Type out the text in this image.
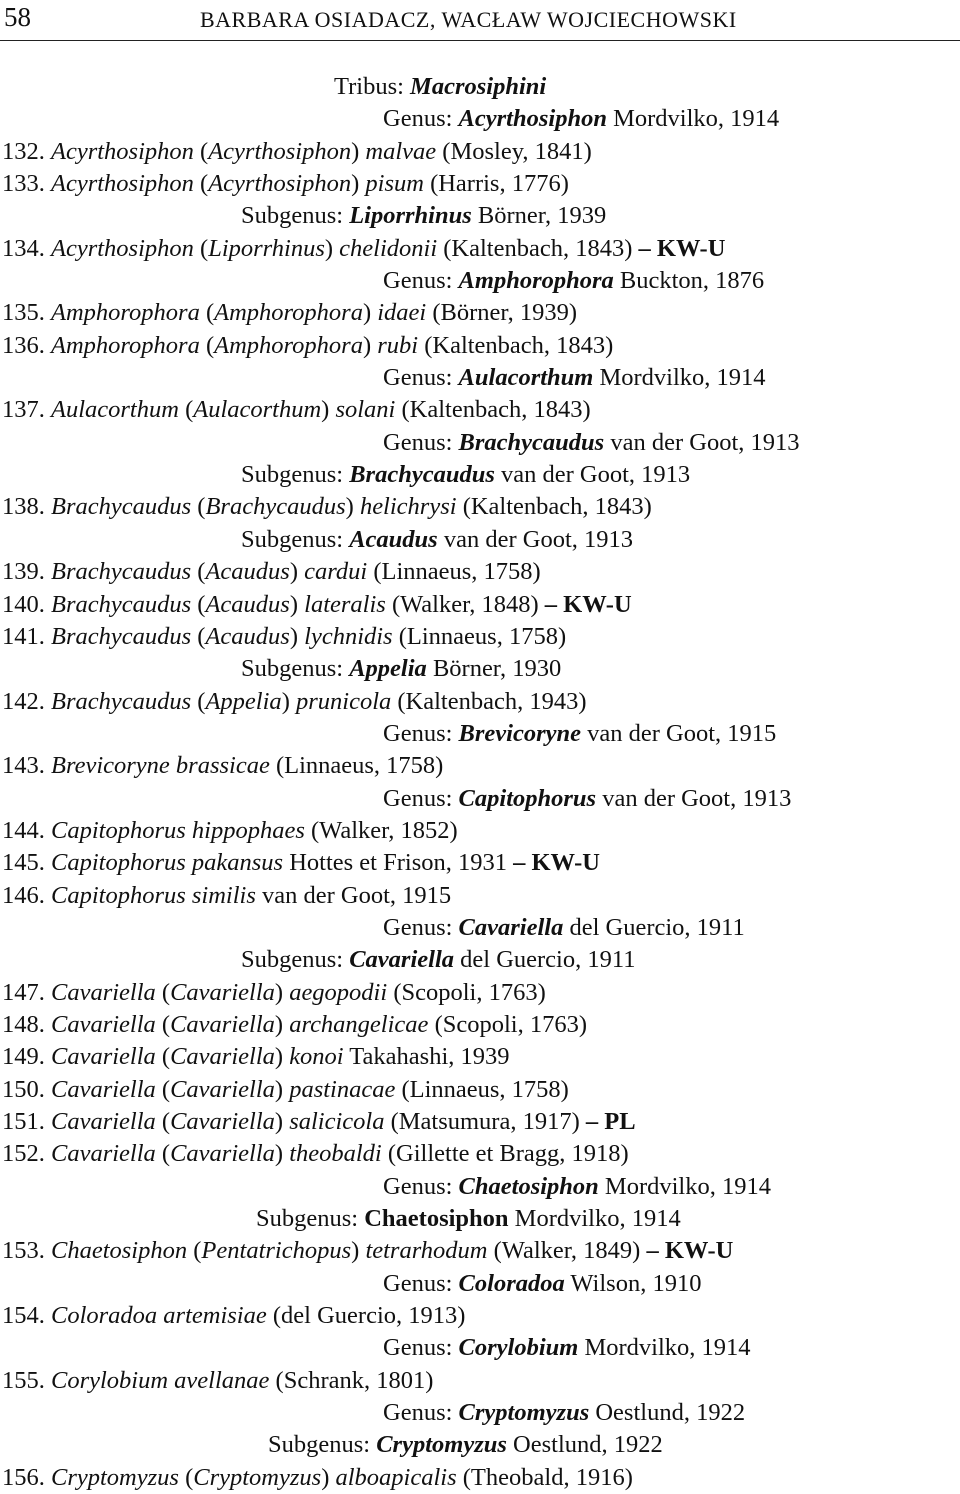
58	BARBARA OSIADACZ, WACŁAW WOJCIECHOWSKI
Tribus: Macrosiphini
Genus: Acyrthosiphon Mordvilko, 1914
132. Acyrthosiphon (Acyrthosiphon) malvae (Mosley, 1841)
133. Acyrthosiphon (Acyrthosiphon) pisum (Harris, 1776)
Subgenus: Liporrhinus Börner, 1939
134. Acyrthosiphon (Liporrhinus) chelidonii (Kaltenbach, 1843) – KW-U
Genus: Amphorophora Buckton, 1876
135. Amphorophora (Amphorophora) idaei (Börner, 1939)
136. Amphorophora (Amphorophora) rubi (Kaltenbach, 1843)
Genus: Aulacorthum Mordvilko, 1914
137. Aulacorthum (Aulacorthum) solani (Kaltenbach, 1843)
Genus: Brachycaudus van der Goot, 1913
Subgenus: Brachycaudus van der Goot, 1913
138. Brachycaudus (Brachycaudus) helichrysi (Kaltenbach, 1843)
Subgenus: Acaudus van der Goot, 1913
139. Brachycaudus (Acaudus) cardui (Linnaeus, 1758)
140. Brachycaudus (Acaudus) lateralis (Walker, 1848) – KW-U
141. Brachycaudus (Acaudus) lychnidis (Linnaeus, 1758)
Subgenus: Appelia Börner, 1930
142. Brachycaudus (Appelia) prunicola (Kaltenbach, 1943)
Genus: Brevicoryne van der Goot, 1915
143. Brevicoryne brassicae (Linnaeus, 1758)
Genus: Capitophorus van der Goot, 1913
144. Capitophorus hippophaes (Walker, 1852)
145. Capitophorus pakansus Hottes et Frison, 1931 – KW-U
146. Capitophorus similis van der Goot, 1915
Genus: Cavariella del Guercio, 1911
Subgenus: Cavariella del Guercio, 1911
147. Cavariella (Cavariella) aegopodii (Scopoli, 1763)
148. Cavariella (Cavariella) archangelicae (Scopoli, 1763)
149. Cavariella (Cavariella) konoi Takahashi, 1939
150. Cavariella (Cavariella) pastinacae (Linnaeus, 1758)
151. Cavariella (Cavariella) salicicola (Matsumura, 1917) – PL
152. Cavariella (Cavariella) theobaldi (Gillette et Bragg, 1918)
Genus: Chaetosiphon Mordvilko, 1914
Subgenus: Chaetosiphon Mordvilko, 1914
153. Chaetosiphon (Pentatrichopus) tetrarhodum (Walker, 1849) – KW-U
Genus: Coloradoa Wilson, 1910
154. Coloradoa artemisiae (del Guercio, 1913)
Genus: Corylobium Mordvilko, 1914
155. Corylobium avellanae (Schrank, 1801)
Genus: Cryptomyzus Oestlund, 1922
Subgenus: Cryptomyzus Oestlund, 1922
156. Cryptomyzus (Cryptomyzus) alboapicalis (Theobald, 1916)
